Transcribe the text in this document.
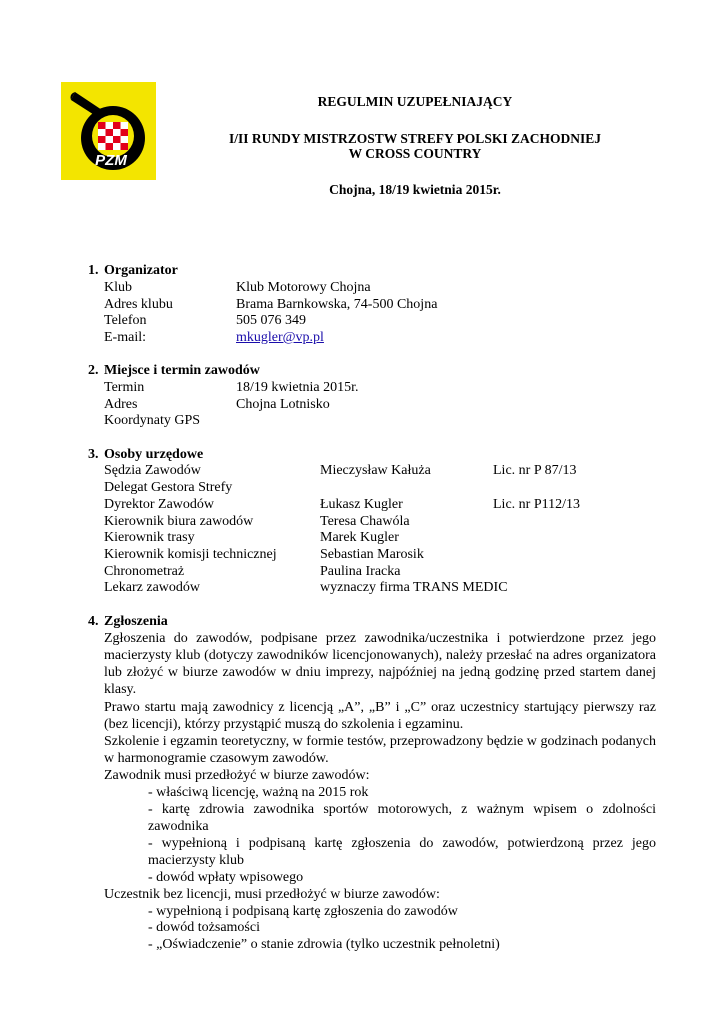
PZM
REGULMIN UZUPEŁNIAJĄCY
I/II RUNDY MISTRZOSTW STREFY POLSKI ZACHODNIEJ
W CROSS COUNTRY
Chojna, 18/19 kwietnia 2015r.
1. Organizator
Klub	Klub Motorowy Chojna
Adres klubu	Brama Barnkowska, 74-500 Chojna
Telefon	505 076 349
E-mail:	mkugler@vp.pl
2. Miejsce i termin zawodów
Termin	18/19 kwietnia 2015r.
Adres	Chojna Lotnisko
Koordynaty GPS
3. Osoby urzędowe
Sędzia Zawodów	Mieczysław Kałuża	Lic. nr P 87/13
Delegat Gestora Strefy
Dyrektor Zawodów	Łukasz Kugler	Lic. nr P112/13
Kierownik biura zawodów	Teresa Chawóla
Kierownik trasy	Marek Kugler
Kierownik komisji technicznej	Sebastian Marosik
Chronometraż	Paulina Iracka
Lekarz zawodów	wyznaczy firma TRANS MEDIC
4. Zgłoszenia
Zgłoszenia do zawodów, podpisane przez zawodnika/uczestnika i potwierdzone przez jego macierzysty klub (dotyczy zawodników licencjonowanych), należy przesłać na adres organizatora lub złożyć w biurze zawodów w dniu imprezy, najpóźniej na jedną godzinę przed startem danej klasy.
Prawo startu mają zawodnicy z licencją „A”, „B” i „C” oraz uczestnicy startujący pierwszy raz (bez licencji), którzy przystąpić muszą do szkolenia i egzaminu.
Szkolenie i egzamin teoretyczny, w formie testów, przeprowadzony będzie w godzinach podanych w harmonogramie czasowym zawodów.
Zawodnik musi przedłożyć w biurze zawodów:
- właściwą licencję, ważną na 2015 rok
- kartę zdrowia zawodnika sportów motorowych, z ważnym wpisem o zdolności zawodnika
- wypełnioną i podpisaną kartę zgłoszenia do zawodów, potwierdzoną przez jego macierzysty klub
- dowód wpłaty wpisowego
Uczestnik bez licencji, musi przedłożyć w biurze zawodów:
- wypełnioną i podpisaną kartę zgłoszenia do zawodów
- dowód tożsamości
- „Oświadczenie” o stanie zdrowia (tylko uczestnik pełnoletni)
